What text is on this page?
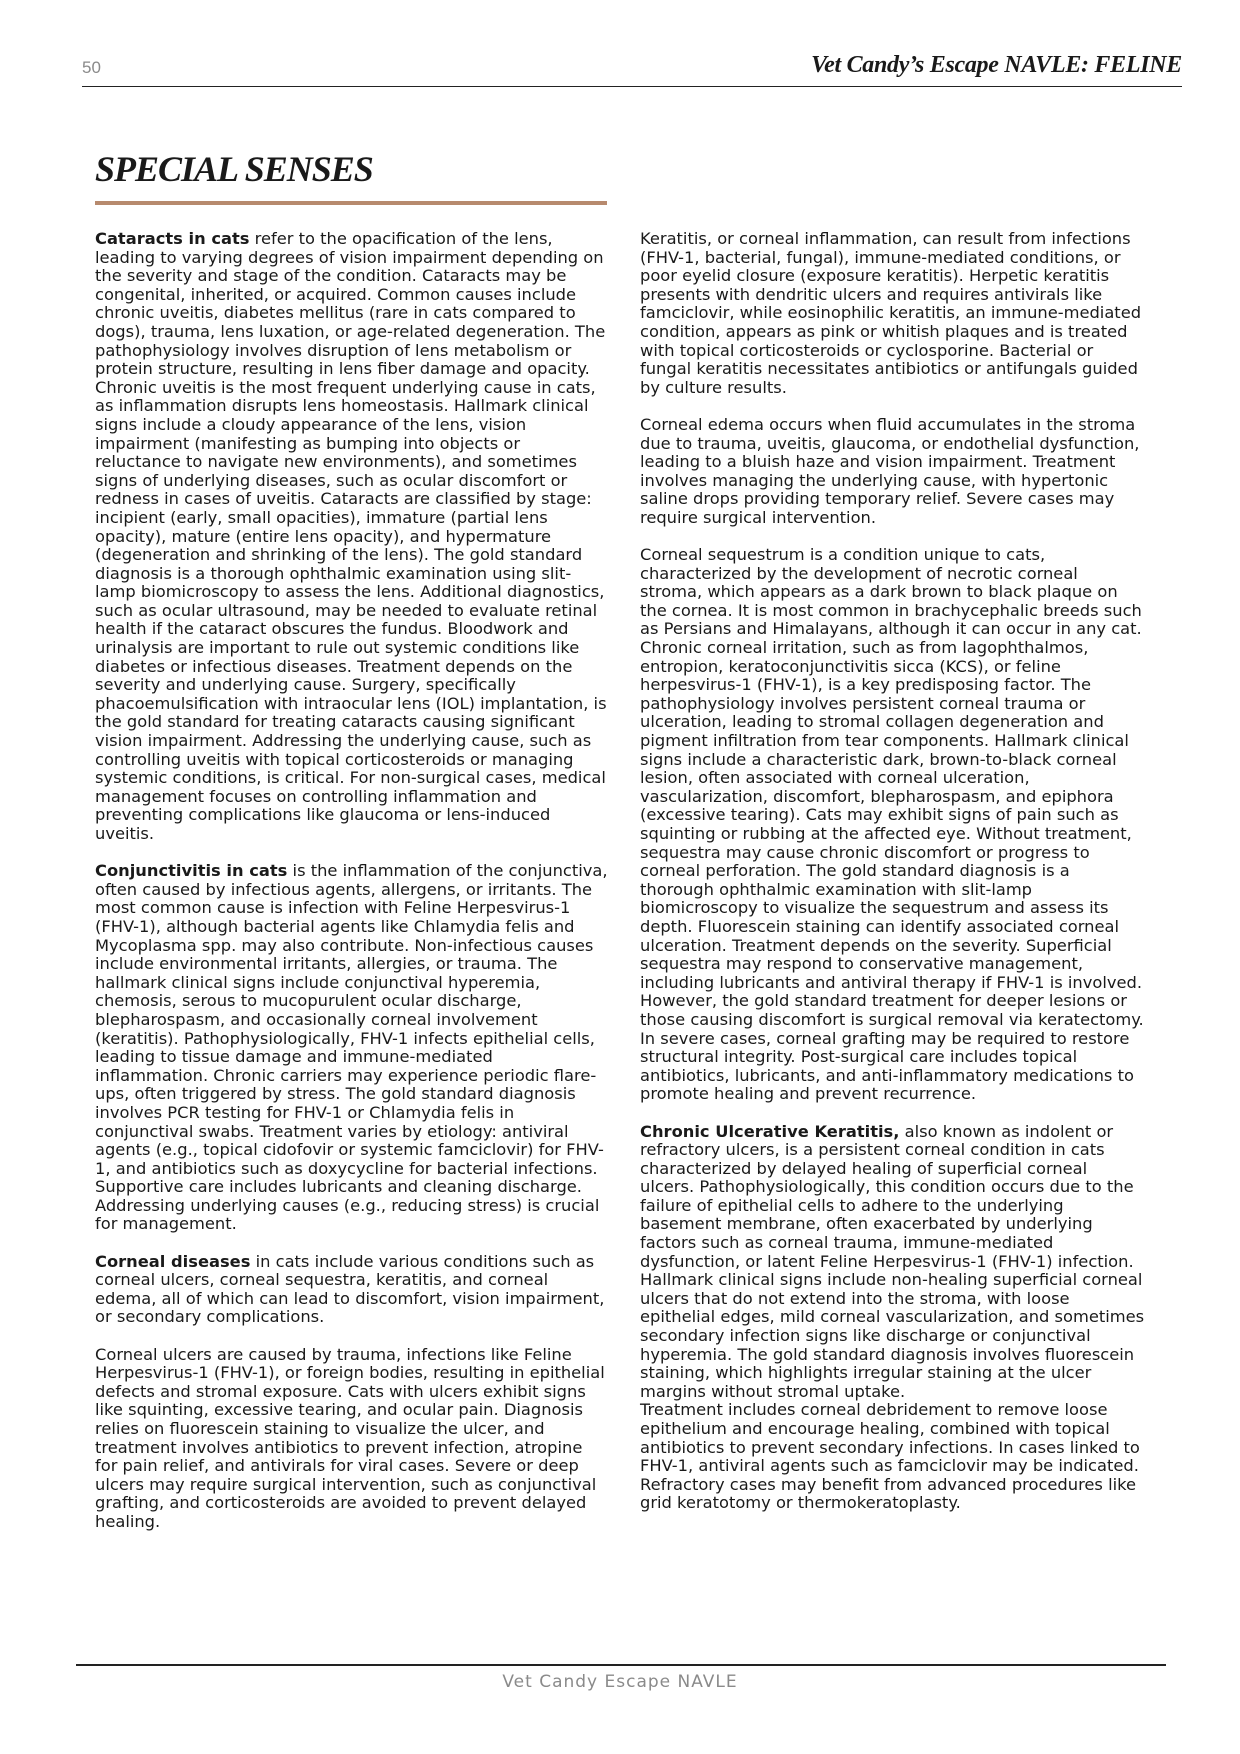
50	Vet Candy’s Escape NAVLE: FELINE
SPECIAL SENSES

Cataracts in cats refer to the opacification of the lens, leading to varying degrees of vision impairment depending on the severity and stage of the condition. Cataracts may be congenital, inherited, or acquired. Common causes include chronic uveitis, diabetes mellitus (rare in cats compared to dogs), trauma, lens luxation, or age-related degeneration. The pathophysiology involves disruption of lens metabolism or protein structure, resulting in lens fiber damage and opacity. Chronic uveitis is the most frequent underlying cause in cats, as inflammation disrupts lens homeostasis. Hallmark clinical signs include a cloudy appearance of the lens, vision impairment (manifesting as bumping into objects or reluctance to navigate new environments), and sometimes signs of underlying diseases, such as ocular discomfort or redness in cases of uveitis. Cataracts are classified by stage: incipient (early, small opacities), immature (partial lens opacity), mature (entire lens opacity), and hypermature (degeneration and shrinking of the lens). The gold standard diagnosis is a thorough ophthalmic examination using slit-lamp biomicroscopy to assess the lens. Additional diagnostics, such as ocular ultrasound, may be needed to evaluate retinal health if the cataract obscures the fundus. Bloodwork and urinalysis are important to rule out systemic conditions like diabetes or infectious diseases. Treatment depends on the severity and underlying cause. Surgery, specifically phacoemulsification with intraocular lens (IOL) implantation, is the gold standard for treating cataracts causing significant vision impairment. Addressing the underlying cause, such as controlling uveitis with topical corticosteroids or managing systemic conditions, is critical. For non-surgical cases, medical management focuses on controlling inflammation and preventing complications like glaucoma or lens-induced uveitis.

Conjunctivitis in cats is the inflammation of the conjunctiva, often caused by infectious agents, allergens, or irritants. The most common cause is infection with Feline Herpesvirus-1 (FHV-1), although bacterial agents like Chlamydia felis and Mycoplasma spp. may also contribute. Non-infectious causes include environmental irritants, allergies, or trauma. The hallmark clinical signs include conjunctival hyperemia, chemosis, serous to mucopurulent ocular discharge, blepharospasm, and occasionally corneal involvement (keratitis). Pathophysiologically, FHV-1 infects epithelial cells, leading to tissue damage and immune-mediated inflammation. Chronic carriers may experience periodic flare-ups, often triggered by stress. The gold standard diagnosis involves PCR testing for FHV-1 or Chlamydia felis in conjunctival swabs. Treatment varies by etiology: antiviral agents (e.g., topical cidofovir or systemic famciclovir) for FHV-1, and antibiotics such as doxycycline for bacterial infections. Supportive care includes lubricants and cleaning discharge. Addressing underlying causes (e.g., reducing stress) is crucial for management.

Corneal diseases in cats include various conditions such as corneal ulcers, corneal sequestra, keratitis, and corneal edema, all of which can lead to discomfort, vision impairment, or secondary complications.

Corneal ulcers are caused by trauma, infections like Feline Herpesvirus-1 (FHV-1), or foreign bodies, resulting in epithelial defects and stromal exposure. Cats with ulcers exhibit signs like squinting, excessive tearing, and ocular pain. Diagnosis relies on fluorescein staining to visualize the ulcer, and treatment involves antibiotics to prevent infection, atropine for pain relief, and antivirals for viral cases. Severe or deep ulcers may require surgical intervention, such as conjunctival grafting, and corticosteroids are avoided to prevent delayed healing.

Keratitis, or corneal inflammation, can result from infections (FHV-1, bacterial, fungal), immune-mediated conditions, or poor eyelid closure (exposure keratitis). Herpetic keratitis presents with dendritic ulcers and requires antivirals like famciclovir, while eosinophilic keratitis, an immune-mediated condition, appears as pink or whitish plaques and is treated with topical corticosteroids or cyclosporine. Bacterial or fungal keratitis necessitates antibiotics or antifungals guided by culture results.

Corneal edema occurs when fluid accumulates in the stroma due to trauma, uveitis, glaucoma, or endothelial dysfunction, leading to a bluish haze and vision impairment. Treatment involves managing the underlying cause, with hypertonic saline drops providing temporary relief. Severe cases may require surgical intervention.

Corneal sequestrum is a condition unique to cats, characterized by the development of necrotic corneal stroma, which appears as a dark brown to black plaque on the cornea. It is most common in brachycephalic breeds such as Persians and Himalayans, although it can occur in any cat. Chronic corneal irritation, such as from lagophthalmos, entropion, keratoconjunctivitis sicca (KCS), or feline herpesvirus-1 (FHV-1), is a key predisposing factor. The pathophysiology involves persistent corneal trauma or ulceration, leading to stromal collagen degeneration and pigment infiltration from tear components. Hallmark clinical signs include a characteristic dark, brown-to-black corneal lesion, often associated with corneal ulceration, vascularization, discomfort, blepharospasm, and epiphora (excessive tearing). Cats may exhibit signs of pain such as squinting or rubbing at the affected eye. Without treatment, sequestra may cause chronic discomfort or progress to corneal perforation. The gold standard diagnosis is a thorough ophthalmic examination with slit-lamp biomicroscopy to visualize the sequestrum and assess its depth. Fluorescein staining can identify associated corneal ulceration. Treatment depends on the severity. Superficial sequestra may respond to conservative management, including lubricants and antiviral therapy if FHV-1 is involved. However, the gold standard treatment for deeper lesions or those causing discomfort is surgical removal via keratectomy. In severe cases, corneal grafting may be required to restore structural integrity. Post-surgical care includes topical antibiotics, lubricants, and anti-inflammatory medications to promote healing and prevent recurrence.

Chronic Ulcerative Keratitis, also known as indolent or refractory ulcers, is a persistent corneal condition in cats characterized by delayed healing of superficial corneal ulcers. Pathophysiologically, this condition occurs due to the failure of epithelial cells to adhere to the underlying basement membrane, often exacerbated by underlying factors such as corneal trauma, immune-mediated dysfunction, or latent Feline Herpesvirus-1 (FHV-1) infection. Hallmark clinical signs include non-healing superficial corneal ulcers that do not extend into the stroma, with loose epithelial edges, mild corneal vascularization, and sometimes secondary infection signs like discharge or conjunctival hyperemia. The gold standard diagnosis involves fluorescein staining, which highlights irregular staining at the ulcer margins without stromal uptake.

Treatment includes corneal debridement to remove loose epithelium and encourage healing, combined with topical antibiotics to prevent secondary infections. In cases linked to FHV-1, antiviral agents such as famciclovir may be indicated. Refractory cases may benefit from advanced procedures like grid keratotomy or thermokeratoplasty.

Vet Candy Escape NAVLE
